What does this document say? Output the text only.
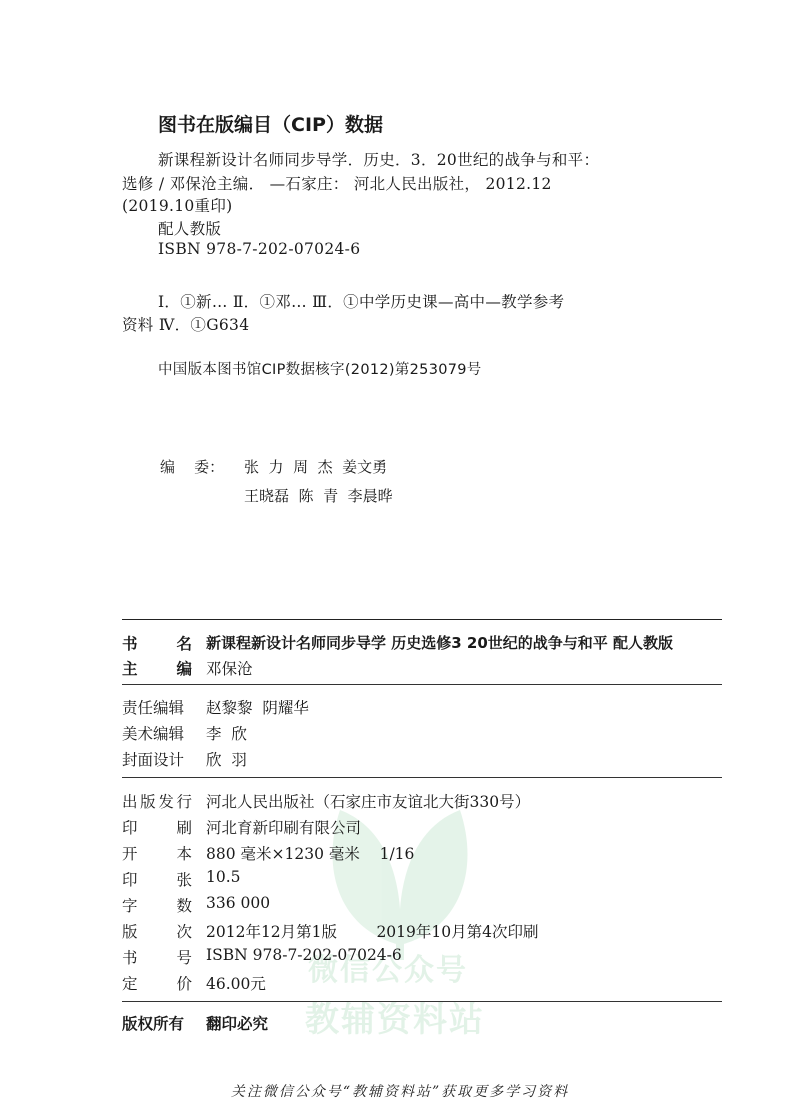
图书在版编目（CIP）数据
新课程新设计名师同步导学．历史．3．20世纪的战争与和平：
选修 / 邓保沧主编． —石家庄： 河北人民出版社， 2012.12
(2019.10重印)
配人教版
ISBN 978-7-202-07024-6
Ⅰ．①新… Ⅱ．①邓… Ⅲ．①中学历史课—高中—教学参考
资料 Ⅳ．①G634
中国版本图书馆CIP数据核字(2012)第253079号
编    委： 张  力  周  杰  姜文勇
王晓磊  陈  青  李晨晔
书	名 新课程新设计名师同步导学 历史选修3 20世纪的战争与和平 配人教版
主	编 邓保沧
责任编辑	赵黎黎  阴耀华
美术编辑	李  欣
封面设计	欣  羽
微信公众号
教辅资料站
出 版 发 行 河北人民出版社（石家庄市友谊北大街330号）
印	刷 河北育新印刷有限公司
开	本 880 毫米×1230 毫米    1/16
印	张 10.5
字	数 336 000
版	次 2012年12月第1版        2019年10月第4次印刷
书	号 ISBN 978-7-202-07024-6
定	价 46.00元
版权所有	翻印必究
关注微信公众号“教辅资料站”获取更多学习资料
